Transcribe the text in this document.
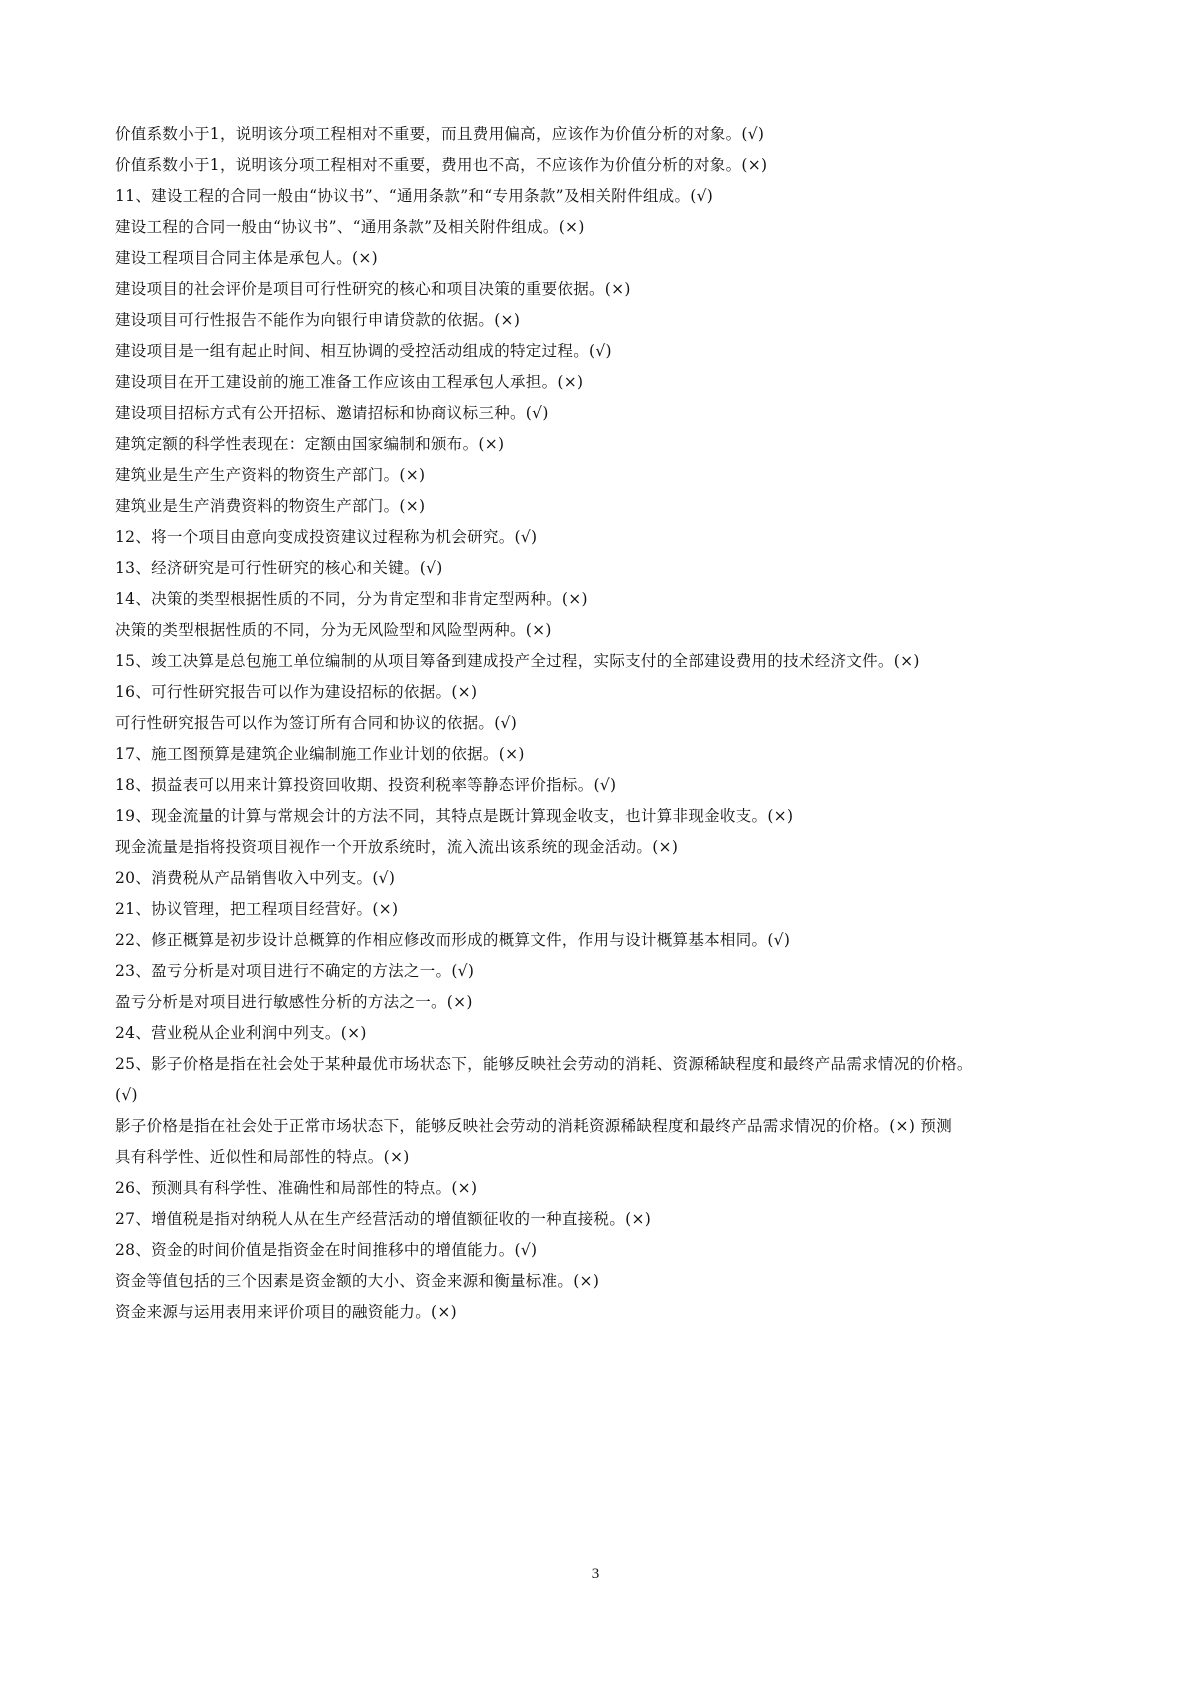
价值系数小于1，说明该分项工程相对不重要，而且费用偏高，应该作为价值分析的对象。(√)
价值系数小于1，说明该分项工程相对不重要，费用也不高，不应该作为价值分析的对象。(×)
11、建设工程的合同一般由“协议书”、“通用条款”和“专用条款”及相关附件组成。(√)
建设工程的合同一般由“协议书”、“通用条款”及相关附件组成。(×)
建设工程项目合同主体是承包人。(×)
建设项目的社会评价是项目可行性研究的核心和项目决策的重要依据。(×)
建设项目可行性报告不能作为向银行申请贷款的依据。(×)
建设项目是一组有起止时间、相互协调的受控活动组成的特定过程。(√)
建设项目在开工建设前的施工准备工作应该由工程承包人承担。(×)
建设项目招标方式有公开招标、邀请招标和协商议标三种。(√)
建筑定额的科学性表现在：定额由国家编制和颁布。(×)
建筑业是生产生产资料的物资生产部门。(×)
建筑业是生产消费资料的物资生产部门。(×)
12、将一个项目由意向变成投资建议过程称为机会研究。(√)
13、经济研究是可行性研究的核心和关键。(√)
14、决策的类型根据性质的不同，分为肯定型和非肯定型两种。(×)
决策的类型根据性质的不同，分为无风险型和风险型两种。(×)
15、竣工决算是总包施工单位编制的从项目筹备到建成投产全过程，实际支付的全部建设费用的技术经济文件。(×)
16、可行性研究报告可以作为建设招标的依据。(×)
可行性研究报告可以作为签订所有合同和协议的依据。(√)
17、施工图预算是建筑企业编制施工作业计划的依据。(×)
18、损益表可以用来计算投资回收期、投资利税率等静态评价指标。(√)
19、现金流量的计算与常规会计的方法不同，其特点是既计算现金收支，也计算非现金收支。(×)
现金流量是指将投资项目视作一个开放系统时，流入流出该系统的现金活动。(×)
20、消费税从产品销售收入中列支。(√)
21、协议管理，把工程项目经营好。(×)
22、修正概算是初步设计总概算的作相应修改而形成的概算文件，作用与设计概算基本相同。(√)
23、盈亏分析是对项目进行不确定的方法之一。(√)
盈亏分析是对项目进行敏感性分析的方法之一。(×)
24、营业税从企业利润中列支。(×)
25、影子价格是指在社会处于某种最优市场状态下，能够反映社会劳动的消耗、资源稀缺程度和最终产品需求情况的价格。
(√)
影子价格是指在社会处于正常市场状态下，能够反映社会劳动的消耗资源稀缺程度和最终产品需求情况的价格。(×) 预测
具有科学性、近似性和局部性的特点。(×)
26、预测具有科学性、准确性和局部性的特点。(×)
27、增值税是指对纳税人从在生产经营活动的增值额征收的一种直接税。(×)
28、资金的时间价值是指资金在时间推移中的增值能力。(√)
资金等值包括的三个因素是资金额的大小、资金来源和衡量标准。(×)
资金来源与运用表用来评价项目的融资能力。(×)
3
